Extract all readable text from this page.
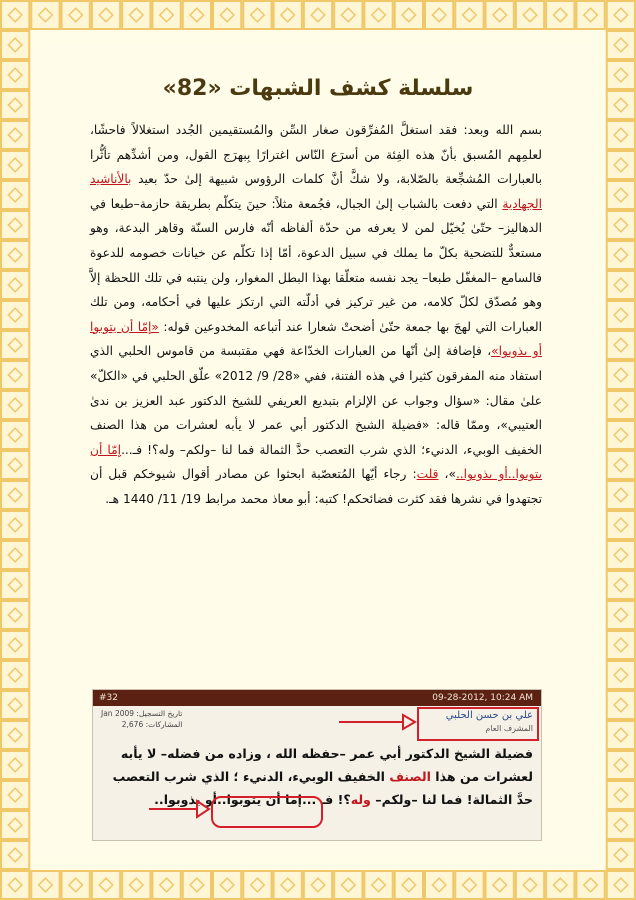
سلسلة كشف الشبهات «82»

بسم الله وبعد: فقد استغلَّ المُفرِّقون صغار السِّن والمُستقيمين الجُدد استغلالاً فاحشًا، لعلمِهم المُسبق بأنّ هذه الفِئة من أسرَع النّاس اغترارًا بِبهرَج القول، ومن أشدِّهم تأثُّرا بالعبارات المُشجِّعة بالصّلابة، ولا شكَّ أنَّ كلمات الرؤوس شبيهة إلىٰ حدّ بعيد بالأناشيد الجهادية التي دفعت بالشباب إلىٰ الجبال، فجُمعة مثلاً: حينَ يتكلّم بطريقة حازمة–طبعا في الدهاليز– حتّىٰ يُخيّل لمن لا يعرفه من حدّة ألفاظه أنّه فارس السنّة وقاهر البدعة، وهو مستعدٌّ للتضحية بكلّ ما يملك في سبيل الدعوة، أمّا إذا تكلّم عن خيانات خصومه للدعوة فالسامع –المغفّل طبعا– يجد نفسه متعلّقا بهذا البطل المغوار، ولن ينتبه في تلك اللحظة إلاَّ وهو مُصدّق لكلّ كلامه، من غير تركيز في أدلّته التي ارتكز عليها في أحكامه، ومن تلك العبارات التي لهجَ بها جمعة حتّىٰ أضحتْ شعارا عند أتباعه المخدوعين قوله: «إمّا أن يتوبوا أو يذوبوا»، فإضافة إلىٰ أنّها من العبارات الخدّاعة فهي مقتبسة من قاموس الحلبي الذي استفاد منه المفرقون كثيرا في هذه الفتنة، ففي «28/ 9/ 2012» علّق الحلبي في «الكلّ» علىٰ مقال: «سؤال وجواب عن الإلزام بتبديع العريفي للشيخ الدكتور عبد العزيز بن ندىٰ العتيبي»، وممّا قاله: «فضيلة الشيخ الدكتور أبي عمر لا يأبه لعشرات من هذا الصنف الخفيف الوبيء، الدنيء؛ الذي شرب التعصب حدَّ الثمالة فما لنا –ولكم– وله؟! فـ...إمّا أن يتوبوا..أو يذوبوا..»، قلت: رجاء أيّها المُتعصّبة ابحثوا عن مصادر أقوال شيوخكم قبل أن تجتهدوا في نشرها فقد كثرت فضائحكم! كتبه: أبو معاذ محمد مرابط 19/ 11/ 1440 هـ.

#32	09-28-2012, 10:24 AM
علي بن حسن الحلبي
المشرف العام
تاريخ التسجيل: Jan 2009
المشاركات: 2,676
فضيلة الشيخ الدكتور أبي عمر –حفظه الله ، وزاده من فضله– لا يأبه لعشرات من هذا الصنف الخفيف الوبيء، الدنيء ؛ الذي شرب التعصب حدَّ الثمالة! فما لنا –ولكم– وله؟! فـ ...إما أن يتوبوا..أو يذوبوا..
